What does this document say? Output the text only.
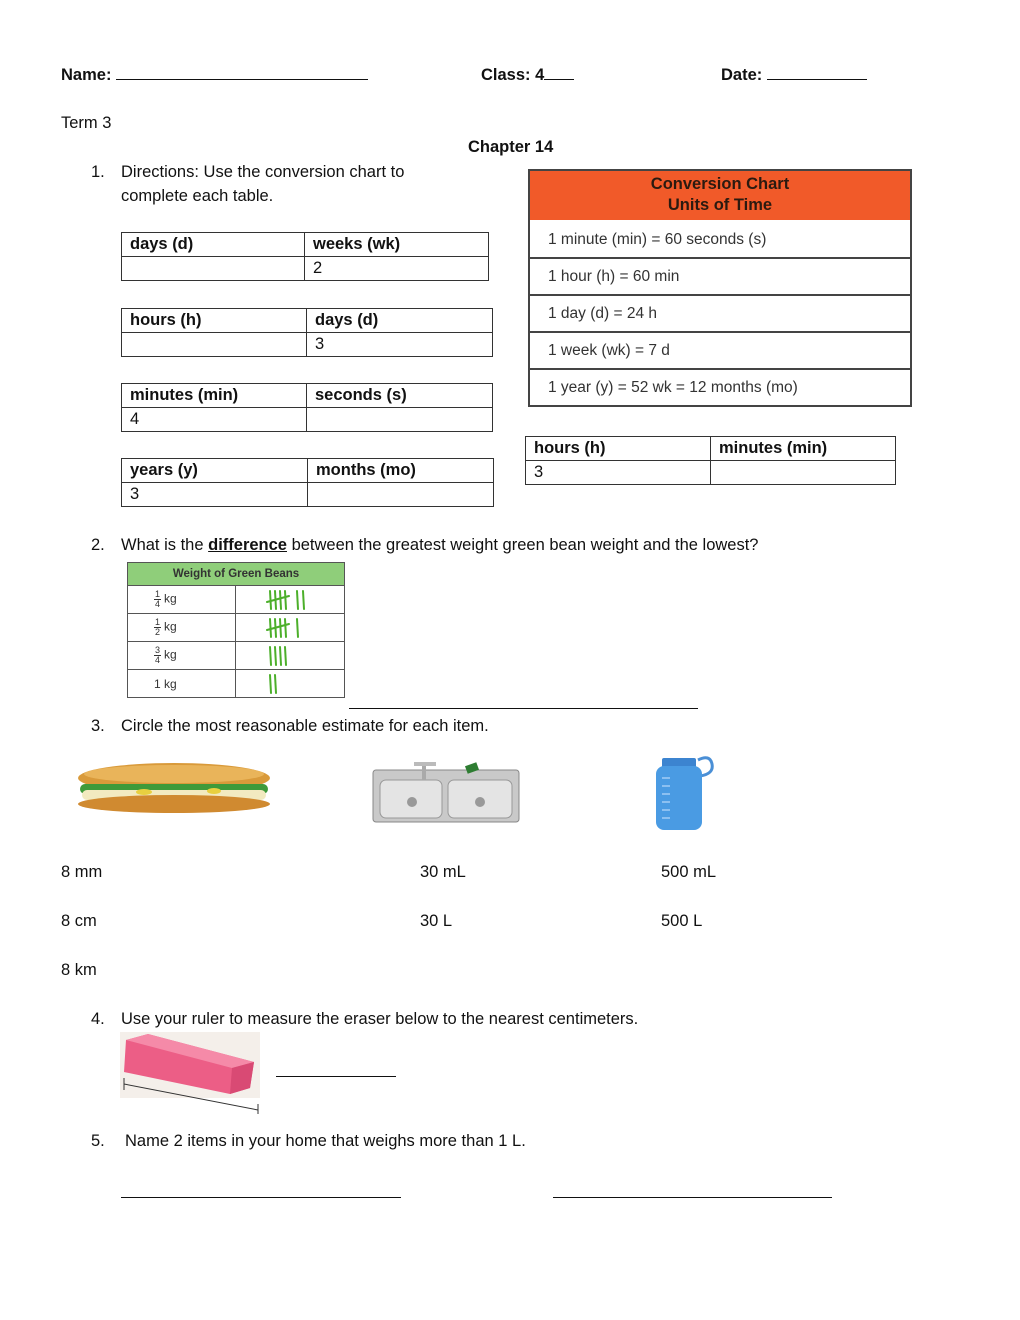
Name:	Class: 4	Date:
Term 3
Chapter 14
1. Directions: Use the conversion chart to
complete each table.
days (d)	weeks (wk)
	2
hours (h)	days (d)
	3
minutes (min)	seconds (s)
4	
years (y)	months (mo)
3	
Conversion Chart
Units of Time
1 minute (min) = 60 seconds (s)
1 hour (h) = 60 min
1 day (d) = 24 h
1 week (wk) = 7 d
1 year (y) = 52 wk = 12 months (mo)
hours (h)	minutes (min)
3	
2. What is the difference between the greatest weight green bean weight and the lowest?
Weight of Green Beans	

$\frac{1}{4}$ kg	

$\frac{1}{2}$ kg	

$\frac{3}{4}$ kg	

1 kg	
3. Circle the most reasonable estimate for each item.
8 mm
8 cm
8 km
30 mL
30 L
500 mL
500 L
4. Use your ruler to measure the eraser below to the nearest centimeters.
5. Name 2 items in your home that weighs more than 1 L.
